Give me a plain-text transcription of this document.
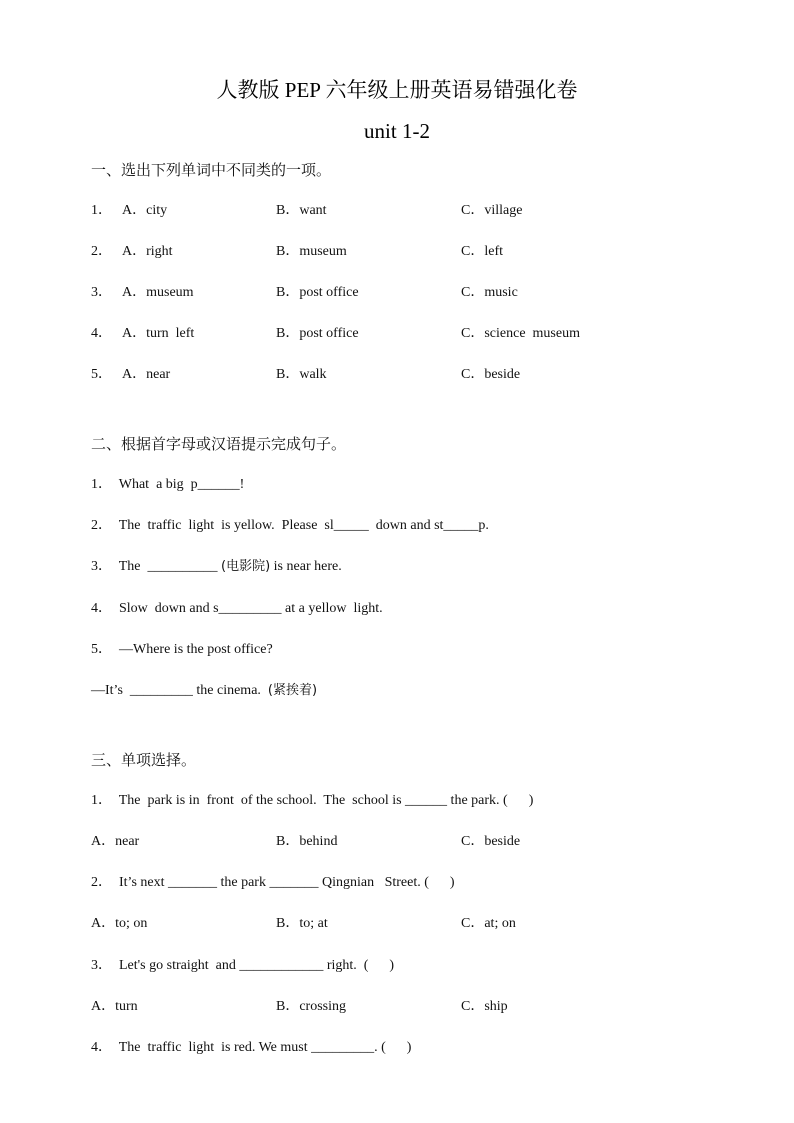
人教版 PEP 六年级上册英语易错强化卷
unit 1-2
一、选出下列单词中不同类的一项。
1． A．city	B．want	C．village
2． A．right	B．museum	C．left
3． A．museum	B．post office	C．music
4． A．turn  left	B．post office	C．science  museum
5． A．near	B．walk	C．beside
二、根据首字母或汉语提示完成句子。
1．  What  a big  p______!
2．  The  traffic  light  is yellow.  Please  sl_____  down and st_____p.
3．  The  __________ (电影院) is near here.
4．  Slow  down and s_________ at a yellow  light.
5．  —Where is the post office?
—It’s  _________ the cinema.  (紧挨着)
三、单项选择。
1．  The  park is in  front  of the school.  The  school is ______ the park. (      )
A．near	B．behind	C．beside
2．  It’s next _______ the park _______ Qingnian   Street. (      )
A．to; on	B．to; at	C．at; on
3．  Let's go straight  and ____________ right.  (      )
A．turn	B．crossing	C．ship
4．  The  traffic  light  is red. We must _________. (      )
